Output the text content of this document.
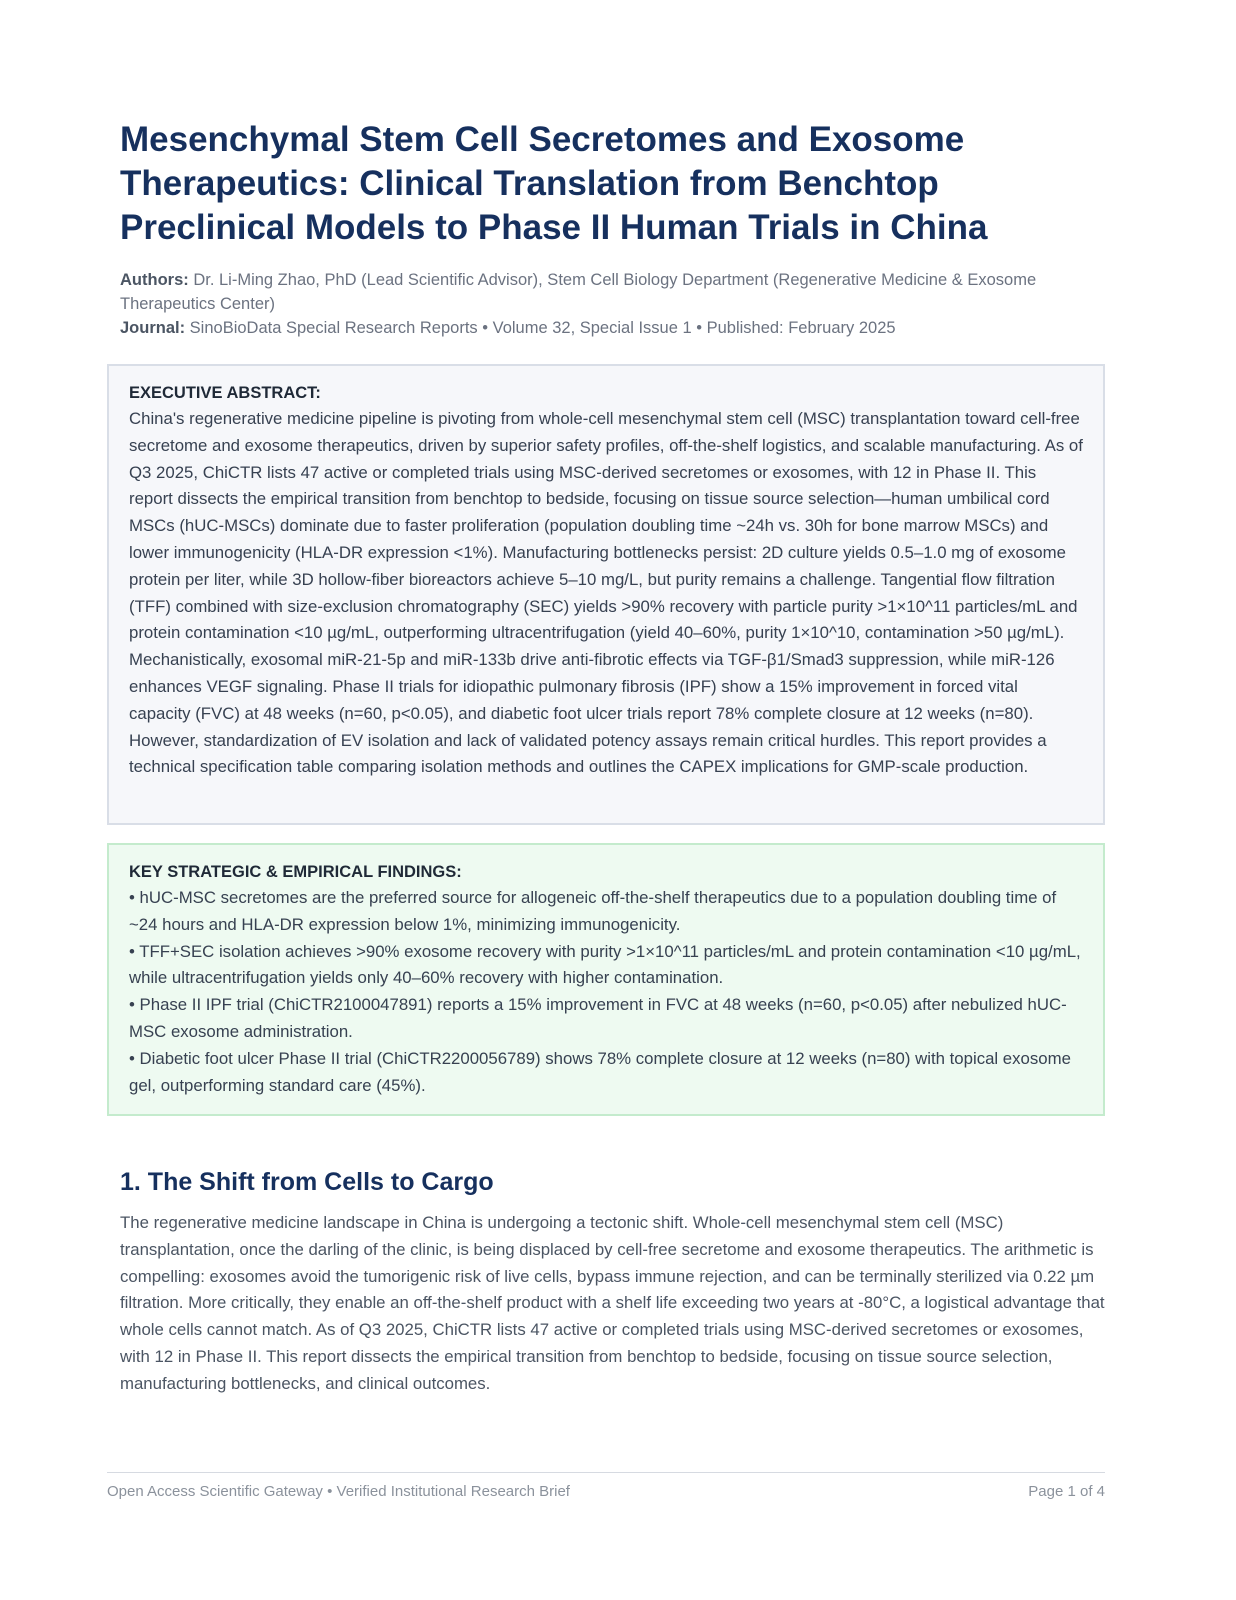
Mesenchymal Stem Cell Secretomes and Exosome Therapeutics: Clinical Translation from Benchtop Preclinical Models to Phase II Human Trials in China

Authors: Dr. Li-Ming Zhao, PhD (Lead Scientific Advisor), Stem Cell Biology Department (Regenerative Medicine & Exosome Therapeutics Center)

Journal: SinoBioData Special Research Reports • Volume 32, Special Issue 1 • Published: February 2025

EXECUTIVE ABSTRACT:

China's regenerative medicine pipeline is pivoting from whole-cell mesenchymal stem cell (MSC) transplantation toward cell-free secretome and exosome therapeutics, driven by superior safety profiles, off-the-shelf logistics, and scalable manufacturing. As of Q3 2025, ChiCTR lists 47 active or completed trials using MSC-derived secretomes or exosomes, with 12 in Phase II. This report dissects the empirical transition from benchtop to bedside, focusing on tissue source selection—human umbilical cord MSCs (hUC-MSCs) dominate due to faster proliferation (population doubling time ~24h vs. 30h for bone marrow MSCs) and lower immunogenicity (HLA-DR expression <1%). Manufacturing bottlenecks persist: 2D culture yields 0.5–1.0 mg of exosome protein per liter, while 3D hollow-fiber bioreactors achieve 5–10 mg/L, but purity remains a challenge. Tangential flow filtration (TFF) combined with size-exclusion chromatography (SEC) yields >90% recovery with particle purity >1×10^11 particles/mL and protein contamination <10 µg/mL, outperforming ultracentrifugation (yield 40–60%, purity 1×10^10, contamination >50 µg/mL). Mechanistically, exosomal miR-21-5p and miR-133b drive anti-fibrotic effects via TGF-β1/Smad3 suppression, while miR-126 enhances VEGF signaling. Phase II trials for idiopathic pulmonary fibrosis (IPF) show a 15% improvement in forced vital capacity (FVC) at 48 weeks (n=60, p<0.05), and diabetic foot ulcer trials report 78% complete closure at 12 weeks (n=80). However, standardization of EV isolation and lack of validated potency assays remain critical hurdles. This report provides a technical specification table comparing isolation methods and outlines the CAPEX implications for GMP-scale production.

KEY STRATEGIC & EMPIRICAL FINDINGS:

• hUC-MSC secretomes are the preferred source for allogeneic off-the-shelf therapeutics due to a population doubling time of ~24 hours and HLA-DR expression below 1%, minimizing immunogenicity.

• TFF+SEC isolation achieves >90% exosome recovery with purity >1×10^11 particles/mL and protein contamination <10 µg/mL, while ultracentrifugation yields only 40–60% recovery with higher contamination.

• Phase II IPF trial (ChiCTR2100047891) reports a 15% improvement in FVC at 48 weeks (n=60, p<0.05) after nebulized hUC-MSC exosome administration.

• Diabetic foot ulcer Phase II trial (ChiCTR2200056789) shows 78% complete closure at 12 weeks (n=80) with topical exosome gel, outperforming standard care (45%).

1. The Shift from Cells to Cargo

The regenerative medicine landscape in China is undergoing a tectonic shift. Whole-cell mesenchymal stem cell (MSC) transplantation, once the darling of the clinic, is being displaced by cell-free secretome and exosome therapeutics. The arithmetic is compelling: exosomes avoid the tumorigenic risk of live cells, bypass immune rejection, and can be terminally sterilized via 0.22 µm filtration. More critically, they enable an off-the-shelf product with a shelf life exceeding two years at -80°C, a logistical advantage that whole cells cannot match. As of Q3 2025, ChiCTR lists 47 active or completed trials using MSC-derived secretomes or exosomes, with 12 in Phase II. This report dissects the empirical transition from benchtop to bedside, focusing on tissue source selection, manufacturing bottlenecks, and clinical outcomes.

Open Access Scientific Gateway • Verified Institutional Research Brief	Page 1 of 4
